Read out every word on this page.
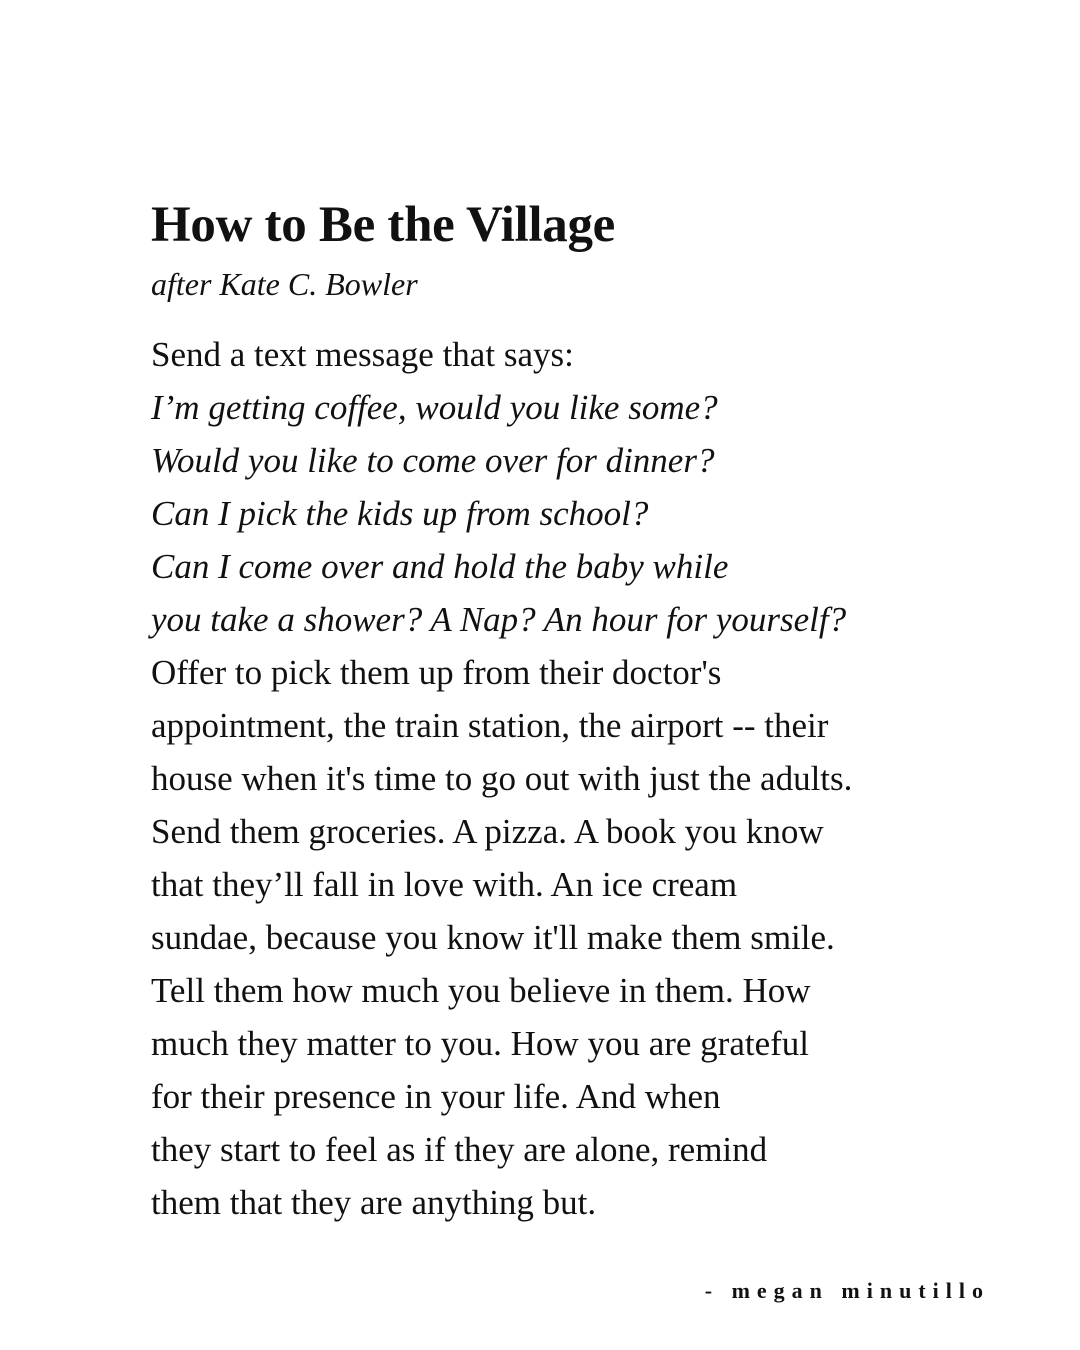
How to Be the Village
after Kate C. Bowler
Send a text message that says:
I’m getting coffee, would you like some?
Would you like to come over for dinner?
Can I pick the kids up from school?
Can I come over and hold the baby while
you take a shower? A Nap? An hour for yourself?
Offer to pick them up from their doctor's
appointment, the train station, the airport -- their
house when it's time to go out with just the adults.
Send them groceries. A pizza. A book you know
that they’ll fall in love with. An ice cream
sundae, because you know it'll make them smile.
Tell them how much you believe in them. How
much they matter to you. How you are grateful
for their presence in your life. And when
they start to feel as if they are alone, remind
them that they are anything but.
- megan minutillo
